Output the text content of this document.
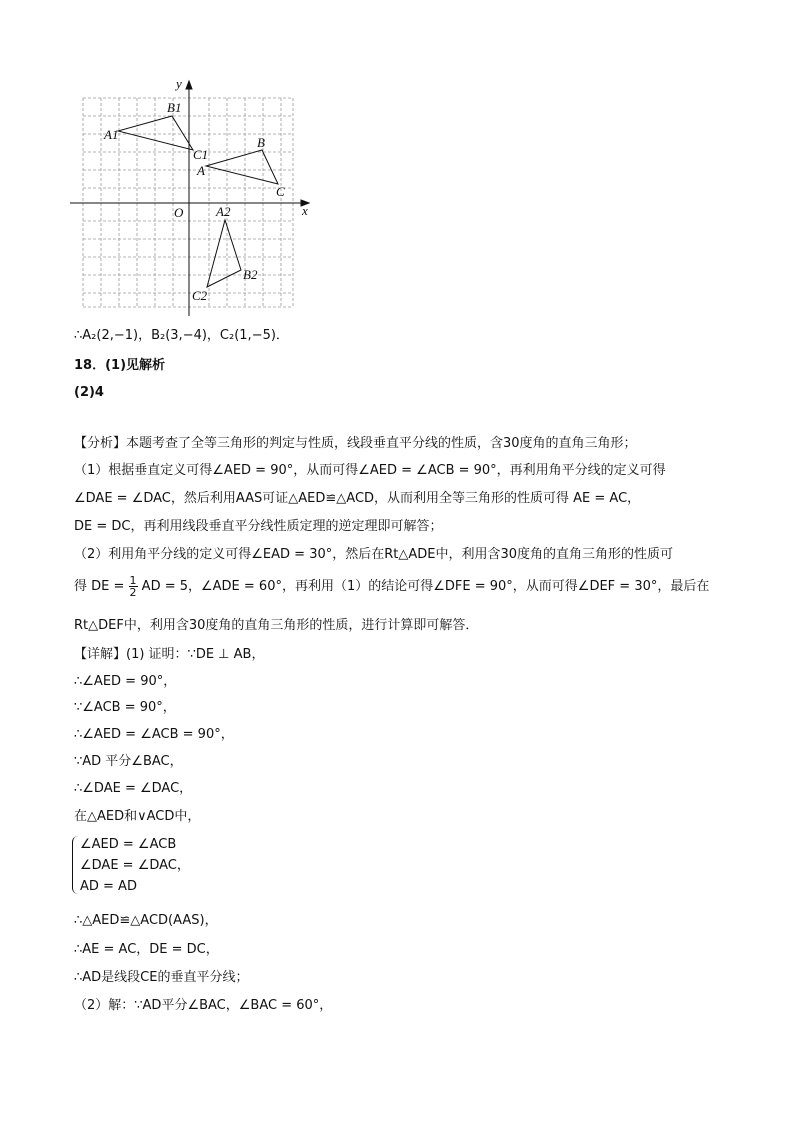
x
y
O
A
B
C
A1
B1
C1
A2
B2
C2
∴A₂(2,−1)，B₂(3,−4)，C₂(1,−5)．
18．(1)见解析
(2)4
【分析】本题考查了全等三角形的判定与性质，线段垂直平分线的性质，含30度角的直角三角形；
（1）根据垂直定义可得∠AED = 90°，从而可得∠AED = ∠ACB = 90°，再利用角平分线的定义可得
∠DAE = ∠DAC，然后利用AAS可证△AED≌△ACD，从而利用全等三角形的性质可得 AE = AC，
DE = DC，再利用线段垂直平分线性质定理的逆定理即可解答；
（2）利用角平分线的定义可得∠EAD = 30°，然后在Rt△ADE中，利用含30度角的直角三角形的性质可
得 DE = $\frac{1}{2}$ AD = 5，∠ADE = 60°，再利用（1）的结论可得∠DFE = 90°，从而可得∠DEF = 30°，最后在
Rt△DEF中，利用含30度角的直角三角形的性质，进行计算即可解答．
【详解】(1) 证明：∵DE ⊥ AB，
∴∠AED = 90°，
∵∠ACB = 90°，
∴∠AED = ∠ACB = 90°，
∵AD 平分∠BAC，
∴∠DAE = ∠DAC，
在△AED和∨ACD中，
∠AED = ∠ACB
∠DAE = ∠DAC，
AD = AD
∴△AED≌△ACD(AAS)，
∴AE = AC，DE = DC，
∴AD是线段CE的垂直平分线；
（2）解：∵AD平分∠BAC，∠BAC = 60°，
